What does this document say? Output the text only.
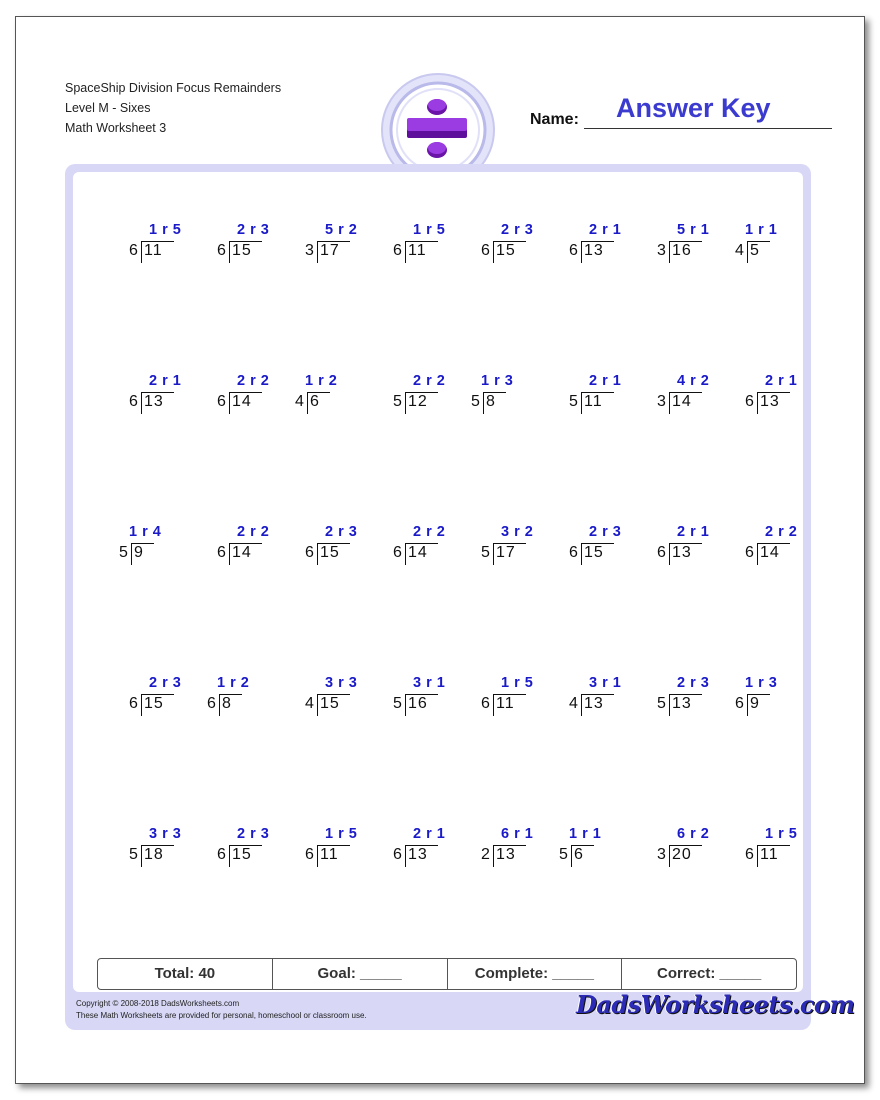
SpaceShip Division Focus Remainders
Level M - Sixes
Math Worksheet 3	Name: Answer Key
1 r 5
6 11
2 r 3
6 15
5 r 2
3 17
1 r 5
6 11
2 r 3
6 15
2 r 1
6 13
5 r 1
3 16
1 r 1
4 5
2 r 1
6 13
2 r 2
6 14
1 r 2
4 6
2 r 2
5 12
1 r 3
5 8
2 r 1
5 11
4 r 2
3 14
2 r 1
6 13
1 r 4
5 9
2 r 2
6 14
2 r 3
6 15
2 r 2
6 14
3 r 2
5 17
2 r 3
6 15
2 r 1
6 13
2 r 2
6 14
2 r 3
6 15
1 r 2
6 8
3 r 3
4 15
3 r 1
5 16
1 r 5
6 11
3 r 1
4 13
2 r 3
5 13
1 r 3
6 9
3 r 3
5 18
2 r 3
6 15
1 r 5
6 11
2 r 1
6 13
6 r 1
2 13
1 r 1
5 6
6 r 2
3 20
1 r 5
6 11
Total: 40	Goal: _____	Complete: _____	Correct: _____
Copyright © 2008-2018 DadsWorksheets.com
These Math Worksheets are provided for personal, homeschool or classroom use.	DadsWorksheets.com
